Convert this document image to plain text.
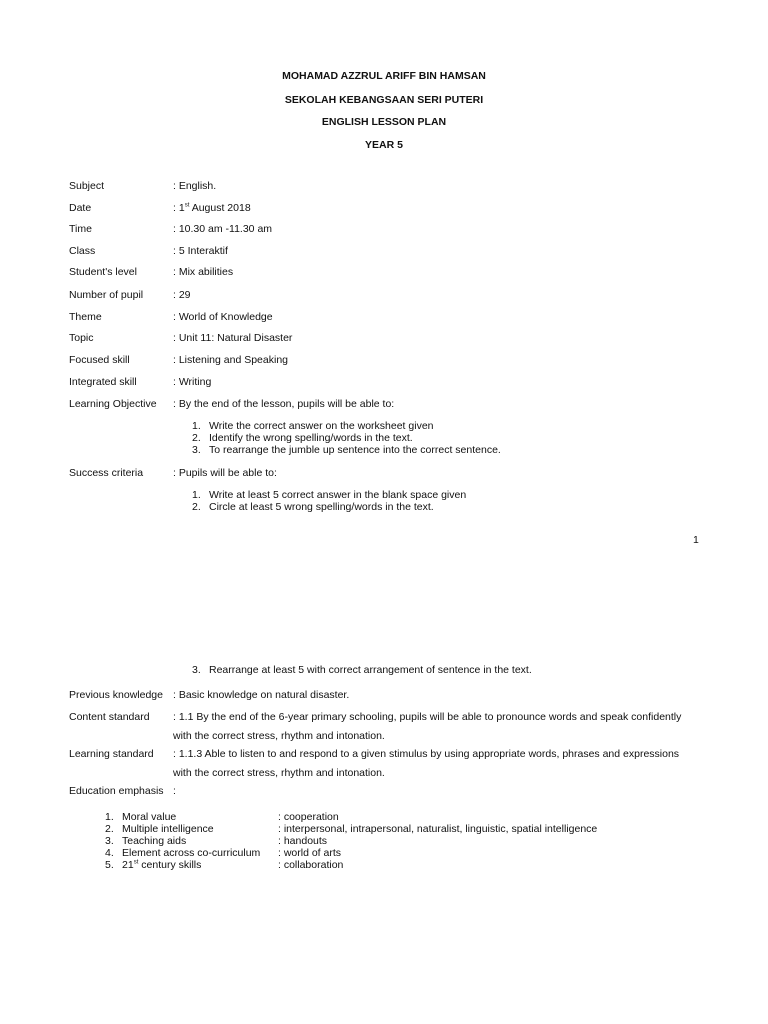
MOHAMAD AZZRUL ARIFF BIN HAMSAN
SEKOLAH KEBANGSAAN SERI PUTERI
ENGLISH LESSON PLAN
YEAR 5
Subject	: English.
Date	: 1st August 2018
Time	: 10.30 am -11.30 am
Class	: 5 Interaktif
Student's level	: Mix abilities
Number of pupil	: 29
Theme	: World of Knowledge
Topic	: Unit 11: Natural Disaster
Focused skill	: Listening and Speaking
Integrated skill	: Writing
Learning Objective : By the end of the lesson, pupils will be able to:
1. Write the correct answer on the worksheet given
2. Identify the wrong spelling/words in the text.
3. To rearrange the jumble up sentence into the correct sentence.
Success criteria	: Pupils will be able to:
1. Write at least 5 correct answer in the blank space given
2. Circle at least 5 wrong spelling/words in the text.
1
3. Rearrange at least 5 with correct arrangement of sentence in the text.
Previous knowledge : Basic knowledge on natural disaster.
Content standard : 1.1 By the end of the 6-year primary schooling, pupils will be able to pronounce words and speak confidently
with the correct stress, rhythm and intonation.
Learning standard : 1.1.3 Able to listen to and respond to a given stimulus by using appropriate words, phrases and expressions
with the correct stress, rhythm and intonation.
Education emphasis :
1. Moral value	: cooperation
2. Multiple intelligence	: interpersonal, intrapersonal, naturalist, linguistic, spatial intelligence
3. Teaching aids	: handouts
4. Element across co-curriculum : world of arts
5. 21st century skills	: collaboration
